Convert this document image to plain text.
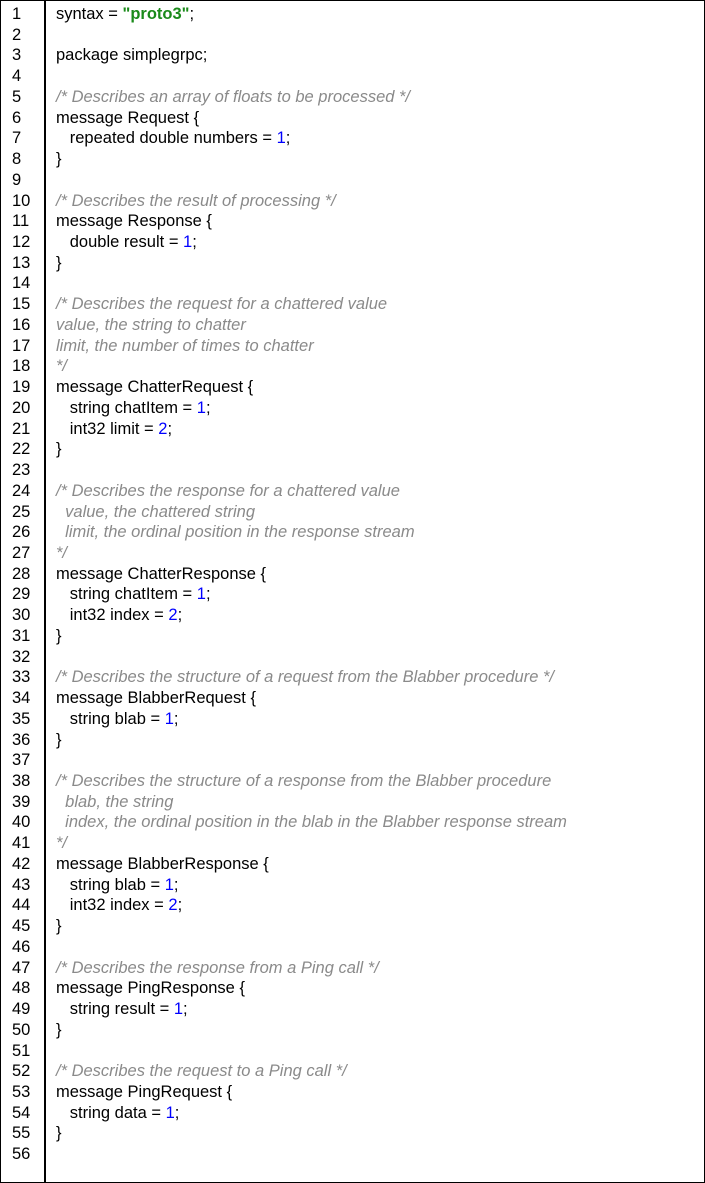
1
2
3
4
5
6
7
8
9
10
11
12
13
14
15
16
17
18
19
20
21
22
23
24
25
26
27
28
29
30
31
32
33
34
35
36
37
38
39
40
41
42
43
44
45
46
47
48
49
50
51
52
53
54
55
56
syntax = "proto3";
package simplegrpc;
/* Describes an array of floats to be processed */
message Request {
repeated double numbers = 1;
}
/* Describes the result of processing */
message Response {
double result = 1;
}
/* Describes the request for a chattered value
value, the string to chatter
limit, the number of times to chatter
*/
message ChatterRequest {
string chatItem = 1;
int32 limit = 2;
}
/* Describes the response for a chattered value
value, the chattered string
limit, the ordinal position in the response stream
*/
message ChatterResponse {
string chatItem = 1;
int32 index = 2;
}
/* Describes the structure of a request from the Blabber procedure */
message BlabberRequest {
string blab = 1;
}
/* Describes the structure of a response from the Blabber procedure
blab, the string
index, the ordinal position in the blab in the Blabber response stream
*/
message BlabberResponse {
string blab = 1;
int32 index = 2;
}
/* Describes the response from a Ping call */
message PingResponse {
string result = 1;
}
/* Describes the request to a Ping call */
message PingRequest {
string data = 1;
}
